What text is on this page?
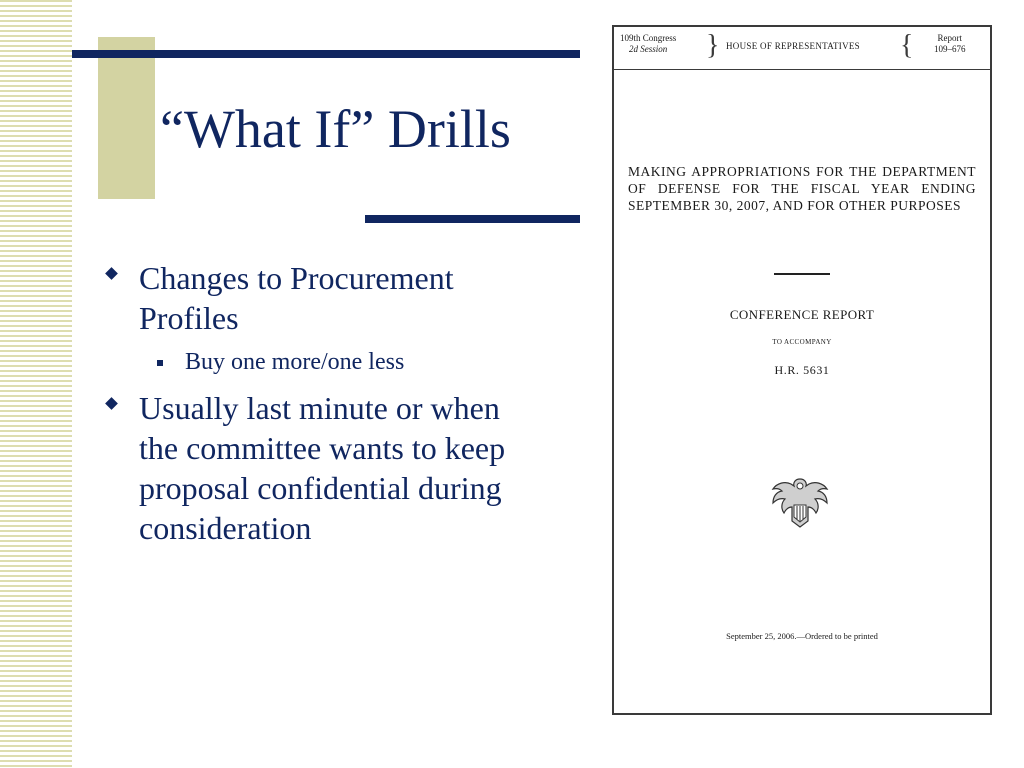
“What If” Drills
Changes to Procurement Profiles
Buy one more/one less
Usually last minute or when the committee wants to keep proposal confidential during consideration
109th Congress
2d Session	} HOUSE OF REPRESENTATIVES {	Report
109–676
MAKING APPROPRIATIONS FOR THE DEPARTMENT OF DEFENSE FOR THE FISCAL YEAR ENDING SEPTEMBER 30, 2007, AND FOR OTHER PURPOSES
CONFERENCE REPORT
TO ACCOMPANY
H.R. 5631
September 25, 2006.—Ordered to be printed
